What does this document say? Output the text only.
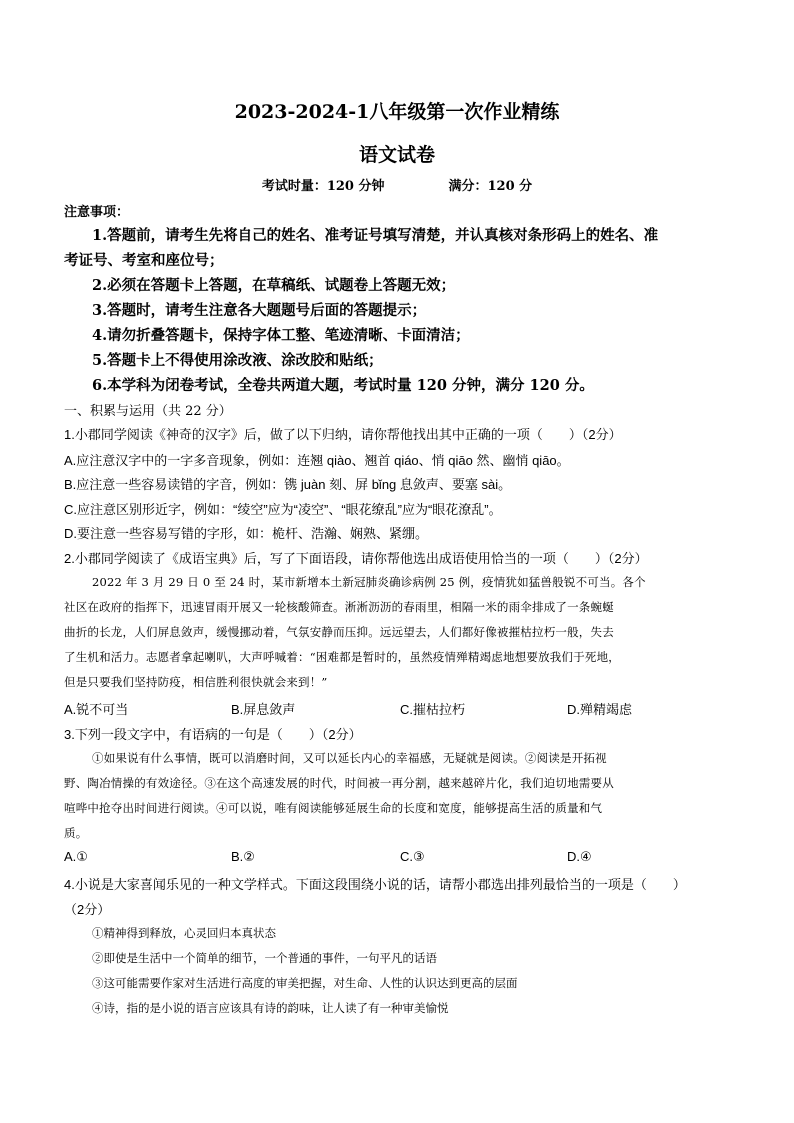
2023-2024-1八年级第一次作业精练
语文试卷
考试时量：120 分钟	满分：120 分
注意事项：
1.答题前，请考生先将自己的姓名、准考证号填写清楚，并认真核对条形码上的姓名、准
考证号、考室和座位号；
2.必须在答题卡上答题，在草稿纸、试题卷上答题无效；
3.答题时，请考生注意各大题题号后面的答题提示；
4.请勿折叠答题卡，保持字体工整、笔迹清晰、卡面清洁；
5.答题卡上不得使用涂改液、涂改胶和贴纸；
6.本学科为闭卷考试，全卷共两道大题，考试时量 120 分钟，满分 120 分。
一、积累与运用（共 22 分）
1.小郡同学阅读《神奇的汉字》后，做了以下归纳，请你帮他找出其中正确的一项（　　）（2分）
A.应注意汉字中的一字多音现象，例如：连翘 qiào、翘首 qiáo、悄 qiāo 然、幽悄 qiāo。
B.应注意一些容易读错的字音，例如：镌 juàn 刻、屏 bǐng 息敛声、要塞 sài。
C.应注意区别形近字，例如：“绫空”应为“凌空”、“眼花缭乱”应为“眼花潦乱”。
D.要注意一些容易写错的字形，如：桅杆、浩瀚、娴熟、紧绷。
2.小郡同学阅读了《成语宝典》后，写了下面语段，请你帮他选出成语使用恰当的一项（　　）（2分）
2022 年 3 月 29 日 0 至 24 时，某市新增本土新冠肺炎确诊病例 25 例，疫情犹如猛兽般锐不可当。各个
社区在政府的指挥下，迅速冒雨开展又一轮核酸筛查。淅淅沥沥的春雨里，相隔一米的雨伞排成了一条蜿蜒
曲折的长龙，人们屏息敛声，缓慢挪动着，气氛安静而压抑。远远望去，人们都好像被摧枯拉朽一般，失去
了生机和活力。志愿者拿起喇叭，大声呼喊着：“困难都是暂时的，虽然疫情殚精竭虑地想要放我们于死地，
但是只要我们坚持防疫，相信胜利很快就会来到！”
A.锐不可当	B.屏息敛声	C.摧枯拉朽	D.殚精竭虑
3.下列一段文字中，有语病的一句是（　　）（2分）
①如果说有什么事情，既可以消磨时间，又可以延长内心的幸福感，无疑就是阅读。②阅读是开拓视
野、陶冶情操的有效途径。③在这个高速发展的时代，时间被一再分割，越来越碎片化，我们迫切地需要从
喧哗中抢夺出时间进行阅读。④可以说，唯有阅读能够延展生命的长度和宽度，能够提高生活的质量和气
质。
A.①	B.②	C.③	D.④
4.小说是大家喜闻乐见的一种文学样式。下面这段围绕小说的话，请帮小郡选出排列最恰当的一项是（　　）
（2分）
①精神得到释放，心灵回归本真状态
②即使是生活中一个简单的细节，一个普通的事件，一句平凡的话语
③这可能需要作家对生活进行高度的审美把握，对生命、人性的认识达到更高的层面
④诗，指的是小说的语言应该具有诗的韵味，让人读了有一种审美愉悦
